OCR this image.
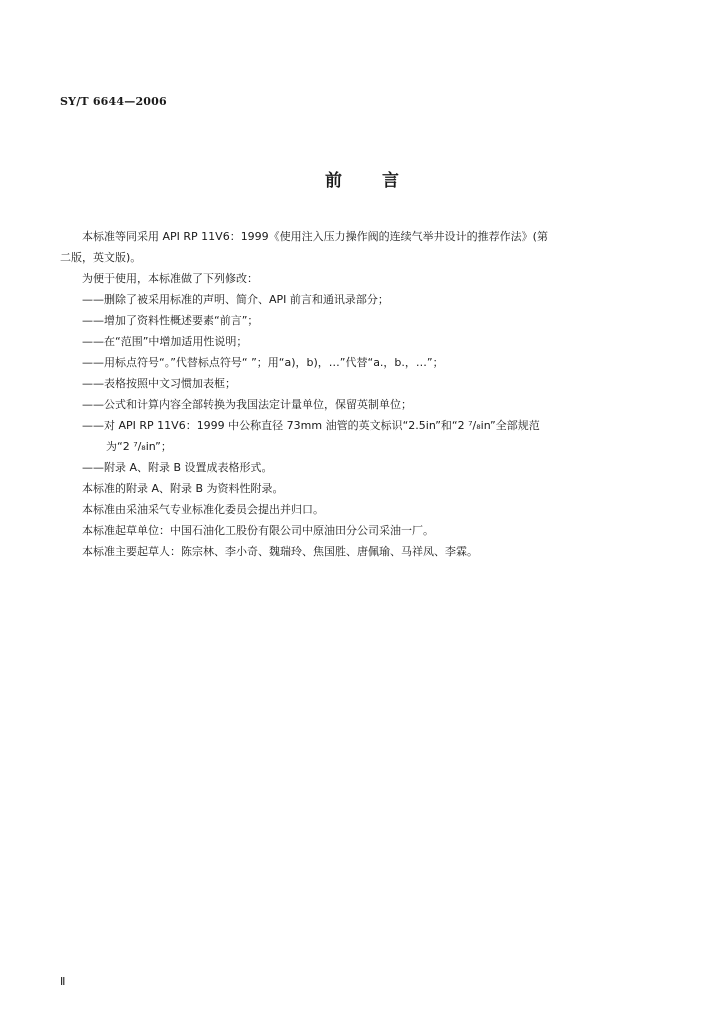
SY/T 6644—2006
前言
本标准等同采用 API RP 11V6：1999《使用注入压力操作阀的连续气举井设计的推荐作法》(第
二版，英文版)。
为便于使用，本标准做了下列修改：
——删除了被采用标准的声明、简介、API 前言和通讯录部分；
——增加了资料性概述要素“前言”；
——在“范围”中增加适用性说明；
——用标点符号“。”代替标点符号“ ”；用“a)，b)，…”代替“a.，b.，…”；
——表格按照中文习惯加表框；
——公式和计算内容全部转换为我国法定计量单位，保留英制单位；
——对 API RP 11V6：1999 中公称直径 73mm 油管的英文标识“2.5in”和“2 ⁷/₈in”全部规范
为“2 ⁷/₈in”；
——附录 A、附录 B 设置成表格形式。
本标准的附录 A、附录 B 为资料性附录。
本标准由采油采气专业标准化委员会提出并归口。
本标准起草单位：中国石油化工股份有限公司中原油田分公司采油一厂。
本标准主要起草人：陈宗林、李小奇、魏瑞玲、焦国胜、唐佩瑜、马祥凤、李霖。
Ⅱ
